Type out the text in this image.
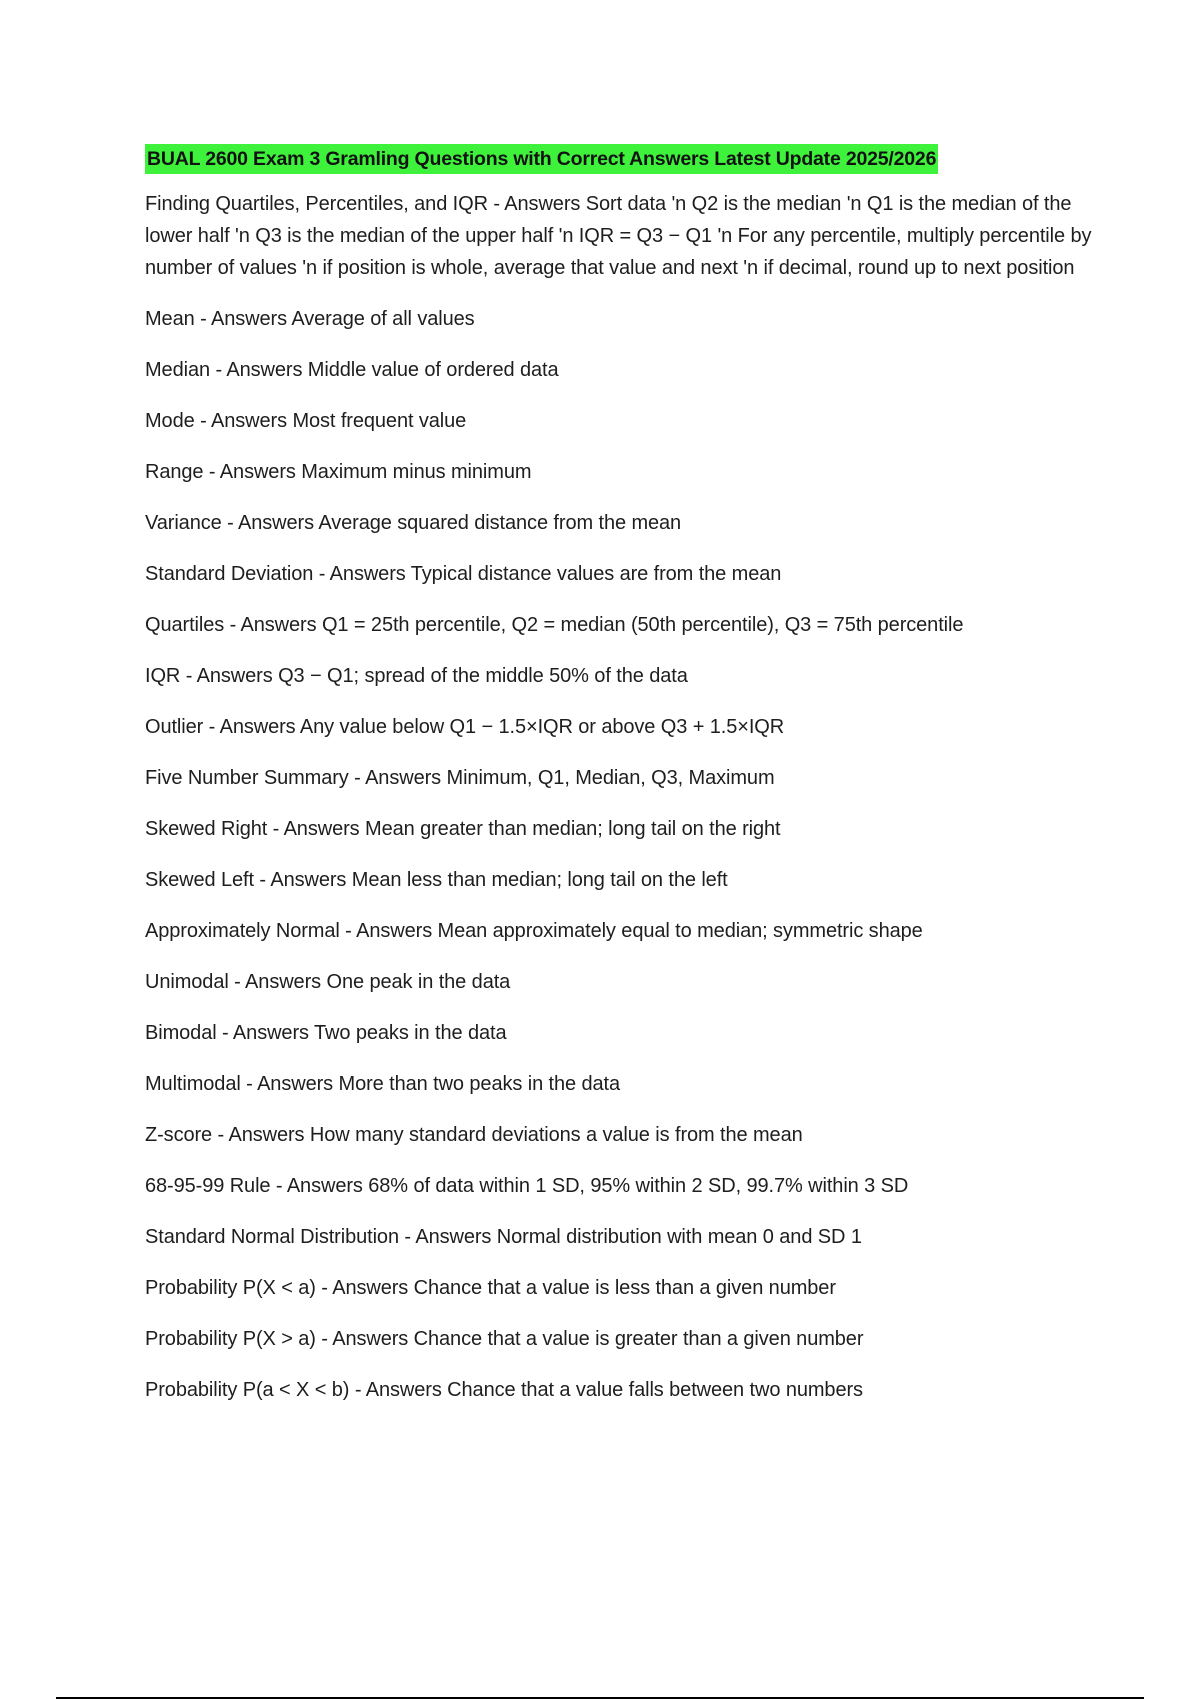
BUAL 2600 Exam 3 Gramling Questions with Correct Answers Latest Update 2025/2026
Finding Quartiles, Percentiles, and IQR - Answers Sort data 'n Q2 is the median 'n Q1 is the median of the lower half 'n Q3 is the median of the upper half 'n IQR = Q3 − Q1 'n For any percentile, multiply percentile by number of values 'n if position is whole, average that value and next 'n if decimal, round up to next position
Mean - Answers Average of all values
Median - Answers Middle value of ordered data
Mode - Answers Most frequent value
Range - Answers Maximum minus minimum
Variance - Answers Average squared distance from the mean
Standard Deviation - Answers Typical distance values are from the mean
Quartiles - Answers Q1 = 25th percentile, Q2 = median (50th percentile), Q3 = 75th percentile
IQR - Answers Q3 − Q1; spread of the middle 50% of the data
Outlier - Answers Any value below Q1 − 1.5×IQR or above Q3 + 1.5×IQR
Five Number Summary - Answers Minimum, Q1, Median, Q3, Maximum
Skewed Right - Answers Mean greater than median; long tail on the right
Skewed Left - Answers Mean less than median; long tail on the left
Approximately Normal - Answers Mean approximately equal to median; symmetric shape
Unimodal - Answers One peak in the data
Bimodal - Answers Two peaks in the data
Multimodal - Answers More than two peaks in the data
Z-score - Answers How many standard deviations a value is from the mean
68-95-99 Rule - Answers 68% of data within 1 SD, 95% within 2 SD, 99.7% within 3 SD
Standard Normal Distribution - Answers Normal distribution with mean 0 and SD 1
Probability P(X < a) - Answers Chance that a value is less than a given number
Probability P(X > a) - Answers Chance that a value is greater than a given number
Probability P(a < X < b) - Answers Chance that a value falls between two numbers
